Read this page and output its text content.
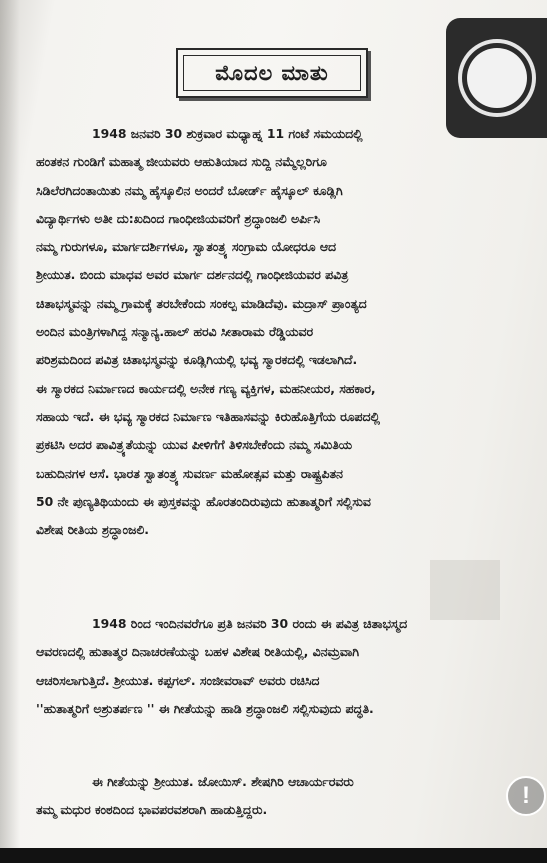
ಮೊದಲ ಮಾತು
1948 ಜನವರಿ 30 ಶುಕ್ರವಾರ ಮಧ್ಯಾಹ್ನ 11 ಗಂಟೆ ಸಮಯದಲ್ಲಿ
ಹಂತಕನ ಗುಂಡಿಗೆ ಮಹಾತ್ಮ ಜೀಯವರು ಆಹುತಿಯಾದ ಸುದ್ದಿ ನಮ್ಮೆಲ್ಲರಿಗೂ
ಸಿಡಿಲೆರಗಿದಂತಾಯಿತು ನಮ್ಮ ಹೈಸ್ಕೂಲಿನ ಅಂದರೆ ಬೋರ್ಡ್ ಹೈಸ್ಕೂಲ್ ಕೂಡ್ಲಿಗಿ
ವಿದ್ಯಾರ್ಥಿಗಳು ಅತೀ ದು:ಖದಿಂದ ಗಾಂಧೀಜಿಯವರಿಗೆ ಶ್ರದ್ಧಾಂಜಲಿ ಅರ್ಪಿಸಿ
ನಮ್ಮ ಗುರುಗಳೂ, ಮಾರ್ಗದರ್ಶಿಗಳೂ, ಸ್ವಾತಂತ್ರ್ಯ ಸಂಗ್ರಾಮ ಯೋಧರೂ ಆದ
ಶ್ರೀಯುತ. ಬಿಂದು ಮಾಧವ ಅವರ ಮಾರ್ಗ ದರ್ಶನದಲ್ಲಿ ಗಾಂಧೀಜಿಯವರ ಪವಿತ್ರ
ಚಿತಾಭಸ್ಮವನ್ನು ನಮ್ಮ ಗ್ರಾಮಕ್ಕೆ ತರಬೇಕೆಂದು ಸಂಕಲ್ಪ ಮಾಡಿದೆವು. ಮದ್ರಾಸ್ ಪ್ರಾಂತ್ಯದ
ಅಂದಿನ ಮಂತ್ರಿಗಳಾಗಿದ್ದ ಸನ್ಮಾನ್ಯ.ಹಾಲ್ ಹರವಿ ಸೀತಾರಾಮ ರೆಡ್ಡಿಯವರ
ಪರಿಶ್ರಮದಿಂದ ಪವಿತ್ರ ಚಿತಾಭಸ್ಮವನ್ನು ಕೂಡ್ಲಿಗಿಯಲ್ಲಿ ಭವ್ಯ ಸ್ಮಾರಕದಲ್ಲಿ ಇಡಲಾಗಿದೆ.
ಈ ಸ್ಮಾರಕದ ನಿರ್ಮಾಣದ ಕಾರ್ಯದಲ್ಲಿ ಅನೇಕ ಗಣ್ಯ ವ್ಯಕ್ತಿಗಳ, ಮಹನೀಯರ, ಸಹಕಾರ,
ಸಹಾಯ ಇದೆ. ಈ ಭವ್ಯ ಸ್ಮಾರಕದ ನಿರ್ಮಾಣ ಇತಿಹಾಸವನ್ನು ಕಿರುಹೊತ್ತಿಗೆಯ ರೂಪದಲ್ಲಿ
ಪ್ರಕಟಿಸಿ ಅದರ ಪಾವಿತ್ರ್ಯತೆಯನ್ನು ಯುವ ಪೀಳಿಗೆಗೆ ತಿಳಿಸಬೇಕೆಂದು ನಮ್ಮ ಸಮಿತಿಯ
ಬಹುದಿನಗಳ ಆಸೆ. ಭಾರತ ಸ್ವಾತಂತ್ರ್ಯ ಸುವರ್ಣ ಮಹೋತ್ಸವ ಮತ್ತು ರಾಷ್ಟ್ರಪಿತನ
50 ನೇ ಪುಣ್ಯತಿಥಿಯಂದು ಈ ಪುಸ್ತಕವನ್ನು ಹೊರತಂದಿರುವುದು ಹುತಾತ್ಮರಿಗೆ ಸಲ್ಲಿಸುವ
ವಿಶೇಷ ರೀತಿಯ ಶ್ರದ್ಧಾಂಜಲಿ.
1948 ರಿಂದ ಇಂದಿನವರೆಗೂ ಪ್ರತಿ ಜನವರಿ 30 ರಂದು ಈ ಪವಿತ್ರ ಚಿತಾಭಸ್ಮದ
ಆವರಣದಲ್ಲಿ ಹುತಾತ್ಮರ ದಿನಾಚರಣೆಯನ್ನು ಬಹಳ ವಿಶೇಷ ರೀತಿಯಲ್ಲಿ, ವಿನಮ್ರವಾಗಿ
ಆಚರಿಸಲಾಗುತ್ತಿದೆ. ಶ್ರೀಯುತ. ಕಪ್ಪಗಲ್. ಸಂಜೀವರಾವ್ ಅವರು ರಚಿಸಿದ
''ಹುತಾತ್ಮರಿಗೆ ಅಶ್ರುತರ್ಪಣ '' ಈ ಗೀತೆಯನ್ನು ಹಾಡಿ ಶ್ರದ್ಧಾಂಜಲಿ ಸಲ್ಲಿಸುವುದು ಪದ್ಧತಿ.
ಈ ಗೀತೆಯನ್ನು ಶ್ರೀಯುತ. ಜೋಯಿಸ್. ಶೇಷಗಿರಿ ಆಚಾರ್ಯರವರು
ತಮ್ಮ ಮಧುರ ಕಂಠದಿಂದ ಭಾವಪರವಶರಾಗಿ ಹಾಡುತ್ತಿದ್ದರು.
!
